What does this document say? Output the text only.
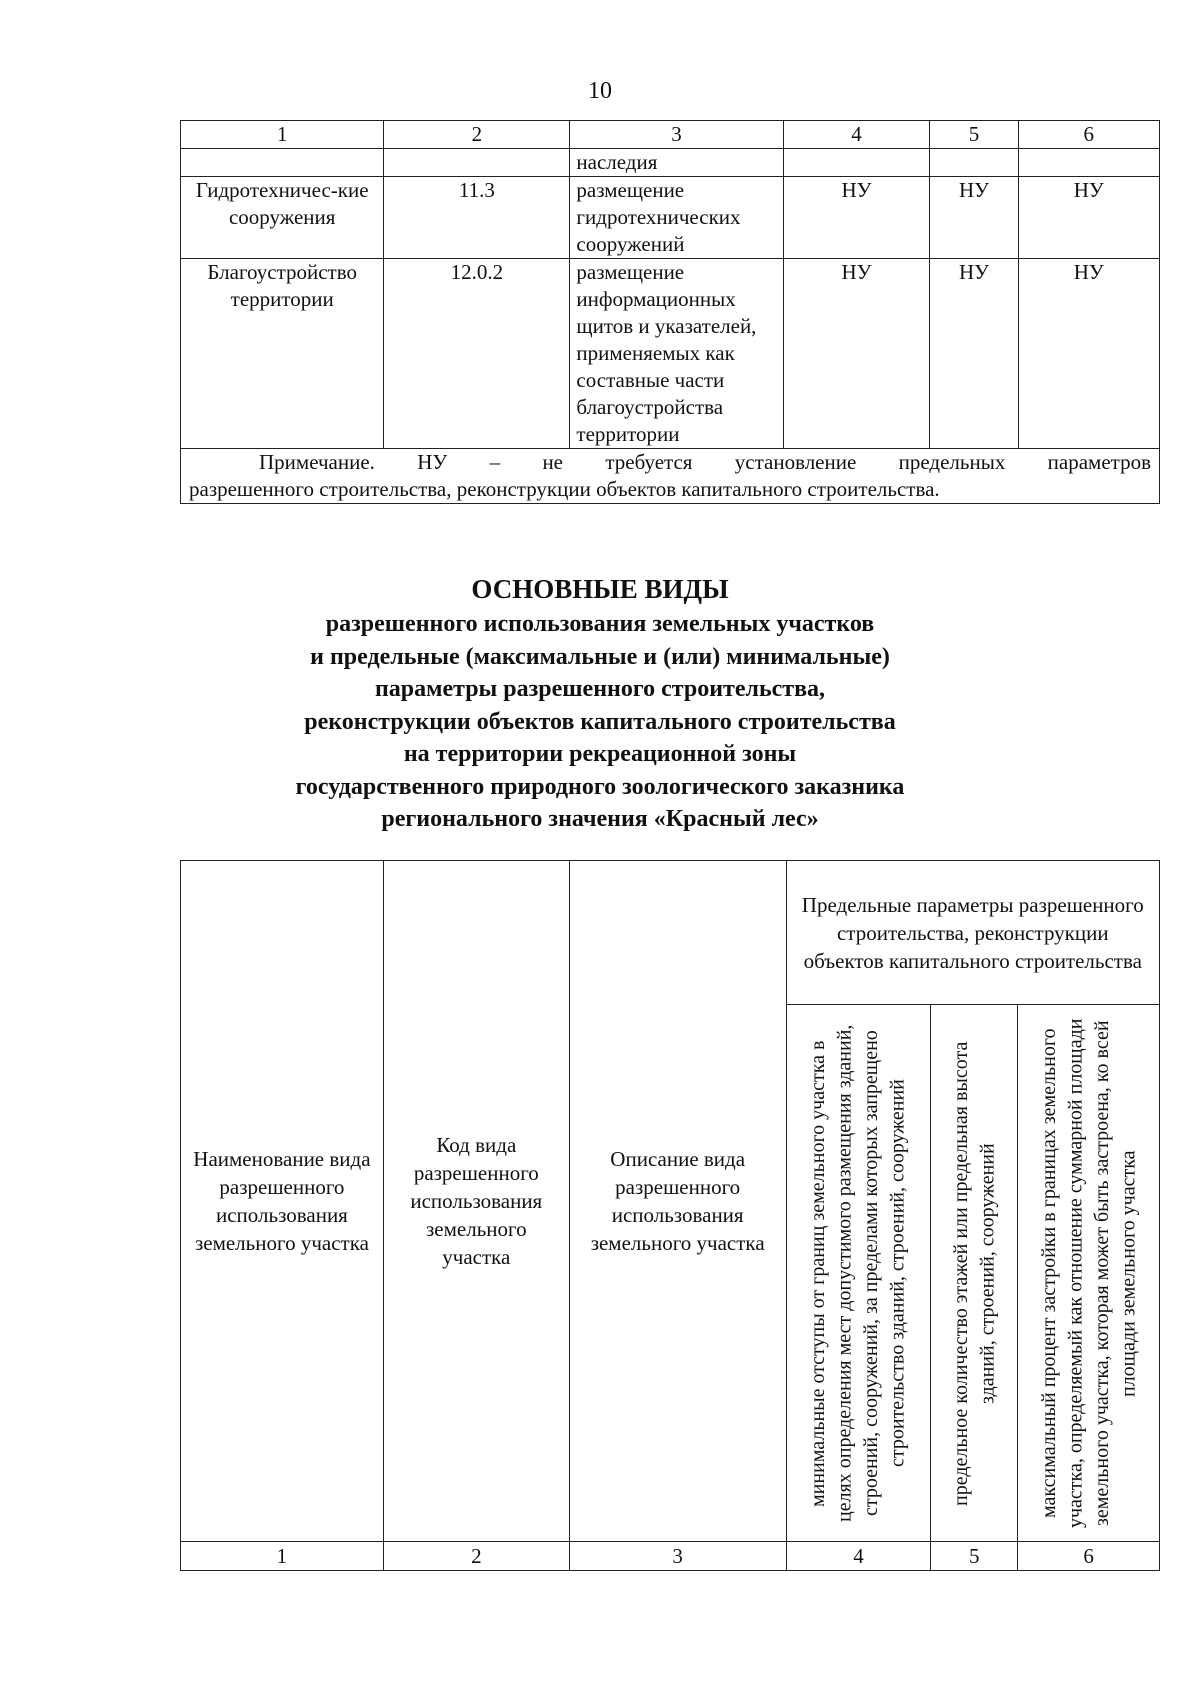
10
1	2	3	4	5	6
		наследия			
Гидротехничес-кие сооружения	11.3	размещение гидротехнических сооружений	НУ	НУ	НУ
Благоустройство территории	12.0.2	размещение информационных щитов и указателей, применяемых как составные части благоустройства территории	НУ	НУ	НУ

Примечание. НУ – не требуется установление предельных параметров
разрешенного строительства, реконструкции объектов капитального строительства.					
ОСНОВНЫЕ ВИДЫ
разрешенного использования земельных участков
и предельные (максимальные и (или) минимальные)
параметры разрешенного строительства,
реконструкции объектов капитального строительства
на территории рекреационной зоны
государственного природного зоологического заказника
регионального значения «Красный лес»
Наименование вида разрешенного использования земельного участка	Код вида разрешенного использования земельного участка	Описание вида разрешенного использования земельного участка	Предельные параметры разрешенного строительства, реконструкции объектов капитального строительства		

			минимальные отступы от границ земельного участка в целях определения мест допустимого размещения зданий, строений, сооружений, за пределами которых запрещено строительство зданий, строений, сооружений	предельное количество этажей или предельная высота зданий, строений, сооружений	максимальный процент застройки в границах земельного участка, определяемый как отношение суммарной площади земельного участка, которая может быть застроена, ко всей площади земельного участка

1	2	3	4	5	6
